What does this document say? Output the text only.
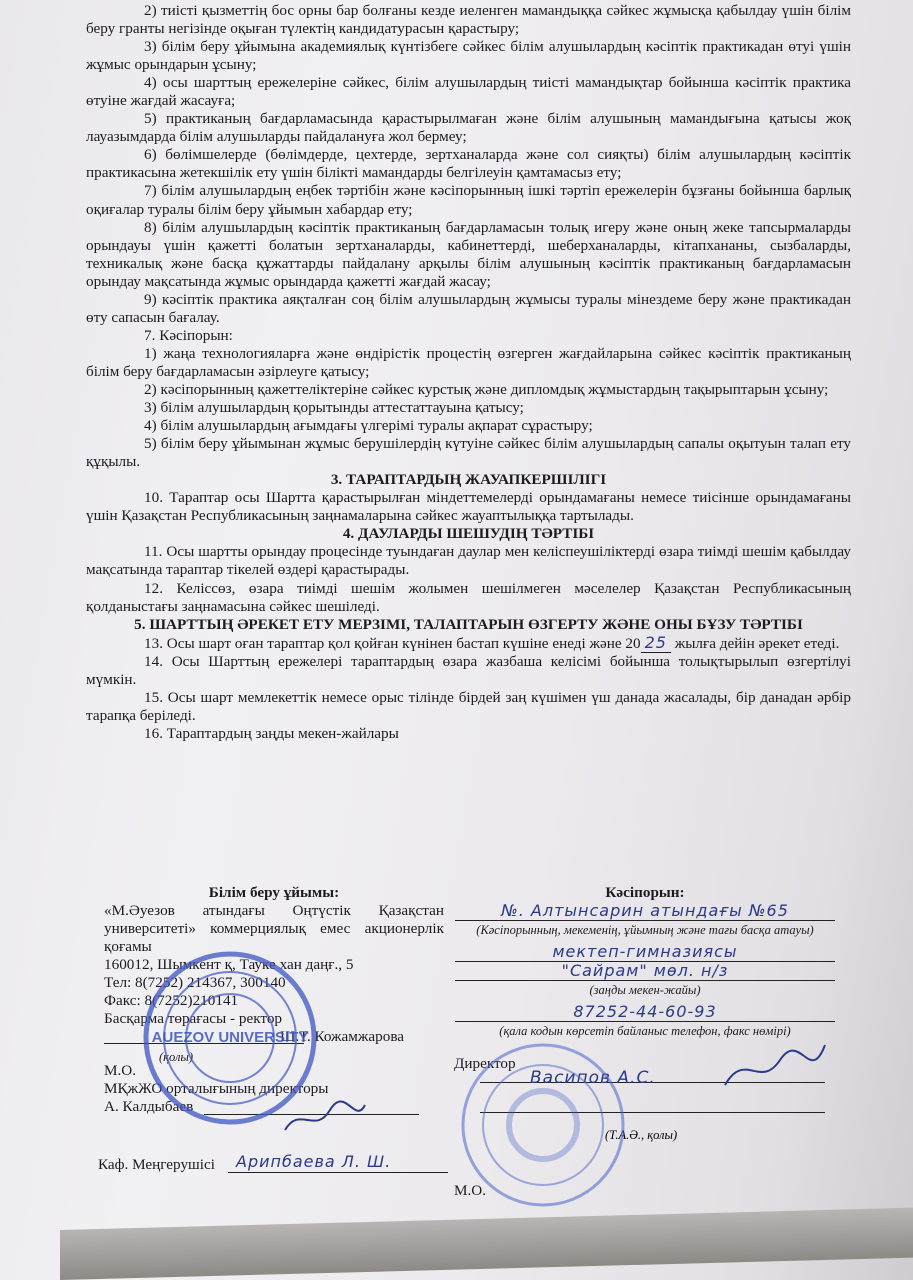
2) тиісті қызметтің бос орны бар болғаны кезде иеленген мамандыққа сәйкес жұмысқа қабылдау үшін білім беру гранты негізінде оқыған түлектің кандидатурасын қарастыру;

3) білім беру ұйымына академиялық күнтізбеге сәйкес білім алушылардың кәсіптік практикадан өтуі үшін жұмыс орындарын ұсыну;

4) осы шарттың ережелеріне сәйкес, білім алушылардың тиісті мамандықтар бойынша кәсіптік практика өтуіне жағдай жасауға;

5) практиканың бағдарламасында қарастырылмаған және білім алушының мамандығына қатысы жоқ лауазымдарда білім алушыларды пайдалануға жол бермеу;

6) бөлімшелерде (бөлімдерде, цехтерде, зертханаларда және сол сияқты) білім алушылардың кәсіптік практикасына жетекшілік ету үшін білікті мамандарды белгілеуін қамтамасыз ету;

7) білім алушылардың еңбек тәртібін және кәсіпорынның ішкі тәртіп ережелерін бұзғаны бойынша барлық оқиғалар туралы білім беру ұйымын хабардар ету;

8) білім алушылардың кәсіптік практиканың бағдарламасын толық игеру және оның жеке тапсырмаларды орындауы үшін қажетті болатын зертханаларды, кабинеттерді, шеберханаларды, кітапхананы, сызбаларды, техникалық және басқа құжаттарды пайдалану арқылы білім алушының кәсіптік практиканың бағдарламасын орындау мақсатында жұмыс орындарда қажетті жағдай жасау;

9) кәсіптік практика аяқталған соң білім алушылардың жұмысы туралы мінездеме беру және практикадан өту сапасын бағалау.

7. Кәсіпорын:

1) жаңа технологияларға және өндірістік процестің өзгерген жағдайларына сәйкес кәсіптік практиканың білім беру бағдарламасын әзірлеуге қатысу;

2) кәсіпорынның қажеттеліктеріне сәйкес курстық және дипломдық жұмыстардың тақырыптарын ұсыну;

3) білім алушылардың қорытынды аттестаттауына қатысу;

4) білім алушылардың ағымдағы үлгерімі туралы ақпарат сұрастыру;

5) білім беру ұйымынан жұмыс берушілердің күтуіне сәйкес білім алушылардың сапалы оқытуын талап ету құқылы.

3. ТАРАПТАРДЫҢ ЖАУАПКЕРШІЛІГІ

10. Тараптар осы Шартта қарастырылған міндеттемелерді орындамағаны немесе тиісінше орындамағаны үшін Қазақстан Республикасының заңнамаларына сәйкес жауаптылыққа тартылады.

4. ДАУЛАРДЫ ШЕШУДІҢ ТӘРТІБІ

11. Осы шартты орындау процесінде туындаған даулар мен келіспеушіліктерді өзара тиімді шешім қабылдау мақсатында тараптар тікелей өздері қарастырады.

12. Келіссөз, өзара тиімді шешім жолымен шешілмеген мәселелер Қазақстан Республикасының қолданыстағы заңнамасына сәйкес шешіледі.

5. ШАРТТЫҢ ӘРЕКЕТ ЕТУ МЕРЗІМІ, ТАЛАПТАРЫН ӨЗГЕРТУ ЖӘНЕ ОНЫ БҰЗУ ТӘРТІБІ

13. Осы шарт оған тараптар қол қойған күнінен бастап күшіне енеді және 20 25 жылға дейін әрекет етеді.

14. Осы Шарттың ережелері тараптардың өзара жазбаша келісімі бойынша толықтырылып өзгертілуі мүмкін.

15. Осы шарт мемлекеттік немесе орыс тілінде бірдей заң күшімен үш данада жасалады, бір данадан әрбір тарапқа беріледі.

16. Тараптардың заңды мекен-жайлары

Білім беру ұйымы:
«М.Әуезов атындағы Оңтүстік Қазақстан университеті» коммерциялық емес акционерлік қоғамы
160012, Шымкент қ, Тауке хан даңғ., 5
Тел: 8(7252) 214367, 300140
Факс: 8(7252)210141
Басқарма төрағасы - ректор
Ш.Т. Кожамжарова
(қолы)
М.О.
МҚжЖО орталығының директоры
А. Калдыбаев
Кәсіпорын:
№. Алтынсарин атындағы №65
(Кәсіпорынның, мекеменің, ұйымның және тағы басқа атауы)
мектеп-гимназиясы
"Сайрам" мөл. н/з
(заңды мекен-жайы)
87252-44-60-93
(қала кодын көрсетіп байланыс телефон, факс нөмірі)
Директор
Васипов А.С.
(Т.А.Ә., қолы)
М.О.
Каф. Меңгерушісі Арипбаева Л. Ш.
AUEZOV UNIVERSITY
